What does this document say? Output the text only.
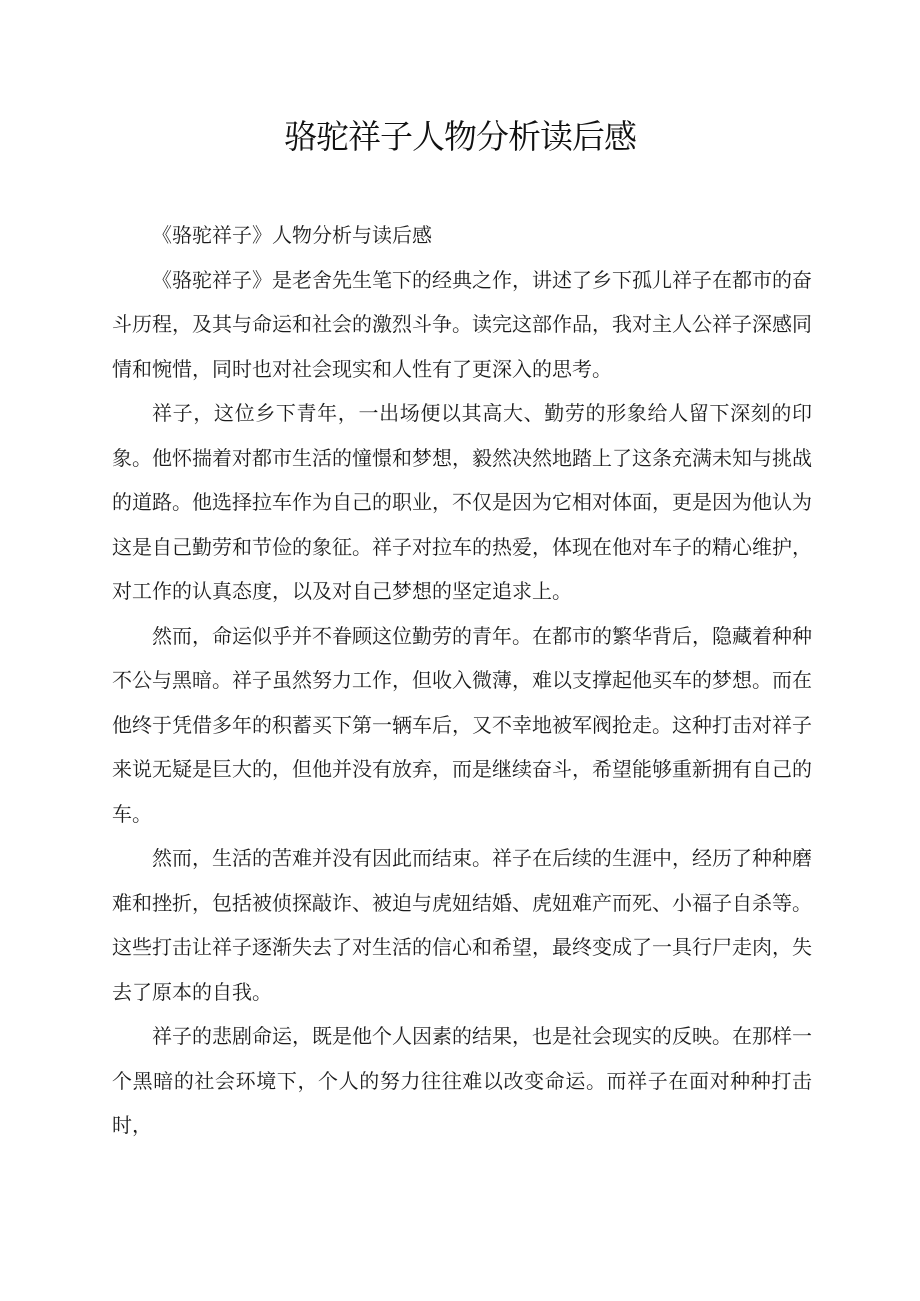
骆驼祥子人物分析读后感

《骆驼祥子》人物分析与读后感

《骆驼祥子》是老舍先生笔下的经典之作，讲述了乡下孤儿祥子在都市的奋斗历程，及其与命运和社会的激烈斗争。读完这部作品，我对主人公祥子深感同情和惋惜，同时也对社会现实和人性有了更深入的思考。

祥子，这位乡下青年，一出场便以其高大、勤劳的形象给人留下深刻的印象。他怀揣着对都市生活的憧憬和梦想，毅然决然地踏上了这条充满未知与挑战的道路。他选择拉车作为自己的职业，不仅是因为它相对体面，更是因为他认为这是自己勤劳和节俭的象征。祥子对拉车的热爱，体现在他对车子的精心维护，对工作的认真态度，以及对自己梦想的坚定追求上。

然而，命运似乎并不眷顾这位勤劳的青年。在都市的繁华背后，隐藏着种种不公与黑暗。祥子虽然努力工作，但收入微薄，难以支撑起他买车的梦想。而在他终于凭借多年的积蓄买下第一辆车后，又不幸地被军阀抢走。这种打击对祥子来说无疑是巨大的，但他并没有放弃，而是继续奋斗，希望能够重新拥有自己的车。

然而，生活的苦难并没有因此而结束。祥子在后续的生涯中，经历了种种磨难和挫折，包括被侦探敲诈、被迫与虎妞结婚、虎妞难产而死、小福子自杀等。这些打击让祥子逐渐失去了对生活的信心和希望，最终变成了一具行尸走肉，失去了原本的自我。

祥子的悲剧命运，既是他个人因素的结果，也是社会现实的反映。在那样一个黑暗的社会环境下，个人的努力往往难以改变命运。而祥子在面对种种打击时，
